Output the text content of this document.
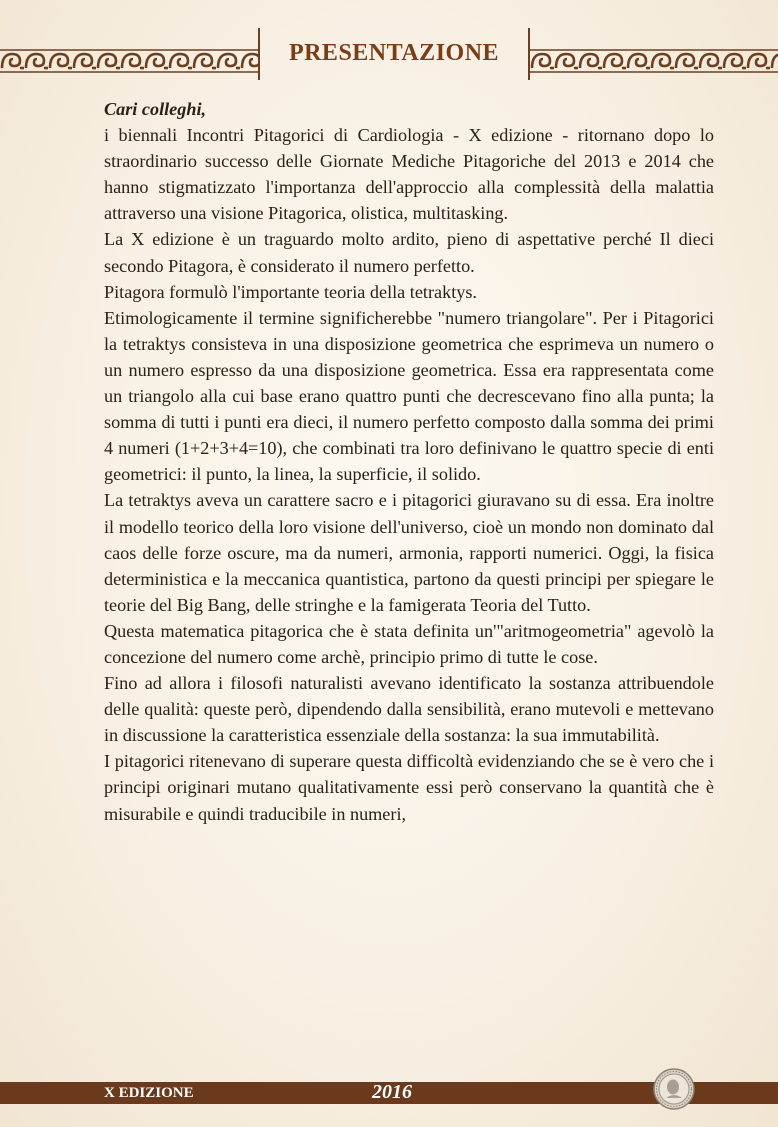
PRESENTAZIONE

Cari colleghi,

i biennali Incontri Pitagorici di Cardiologia - X edizione - ritornano dopo lo straordinario successo delle Giornate Mediche Pitagoriche del 2013 e 2014 che hanno stigmatizzato l'importanza dell'approccio alla complessità della malattia attraverso una visione Pitagorica, olistica, multitasking.

La X edizione è un traguardo molto ardito, pieno di aspettative perché Il dieci secondo Pitagora, è considerato il numero perfetto.

Pitagora formulò l'importante teoria della tetraktys.

Etimologicamente il termine significherebbe "numero triangolare". Per i Pitagorici la tetraktys consisteva in una disposizione geometrica che esprimeva un numero o un numero espresso da una disposizione geometrica. Essa era rappresentata come un triangolo alla cui base erano quattro punti che decrescevano fino alla punta; la somma di tutti i punti era dieci, il numero perfetto composto dalla somma dei primi 4 numeri (1+2+3+4=10), che combinati tra loro definivano le quattro specie di enti geometrici: il punto, la linea, la superficie, il solido.

La tetraktys aveva un carattere sacro e i pitagorici giuravano su di essa. Era inoltre il modello teorico della loro visione dell'universo, cioè un mondo non dominato dal caos delle forze oscure, ma da numeri, armonia, rapporti numerici. Oggi, la fisica deterministica e la meccanica quantistica, partono da questi principi per spiegare le teorie del Big Bang, delle stringhe e la famigerata Teoria del Tutto.

Questa matematica pitagorica che è stata definita un'"aritmogeometria" agevolò la concezione del numero come archè, principio primo di tutte le cose.

Fino ad allora i filosofi naturalisti avevano identificato la sostanza attribuendole delle qualità: queste però, dipendendo dalla sensibilità, erano mutevoli e mettevano in discussione la caratteristica essenziale della sostanza: la sua immutabilità.

I pitagorici ritenevano di superare questa difficoltà evidenziando che se è vero che i principi originari mutano qualitativamente essi però conservano la quantità che è misurabile e quindi traducibile in numeri,

X EDIZIONE	2016
